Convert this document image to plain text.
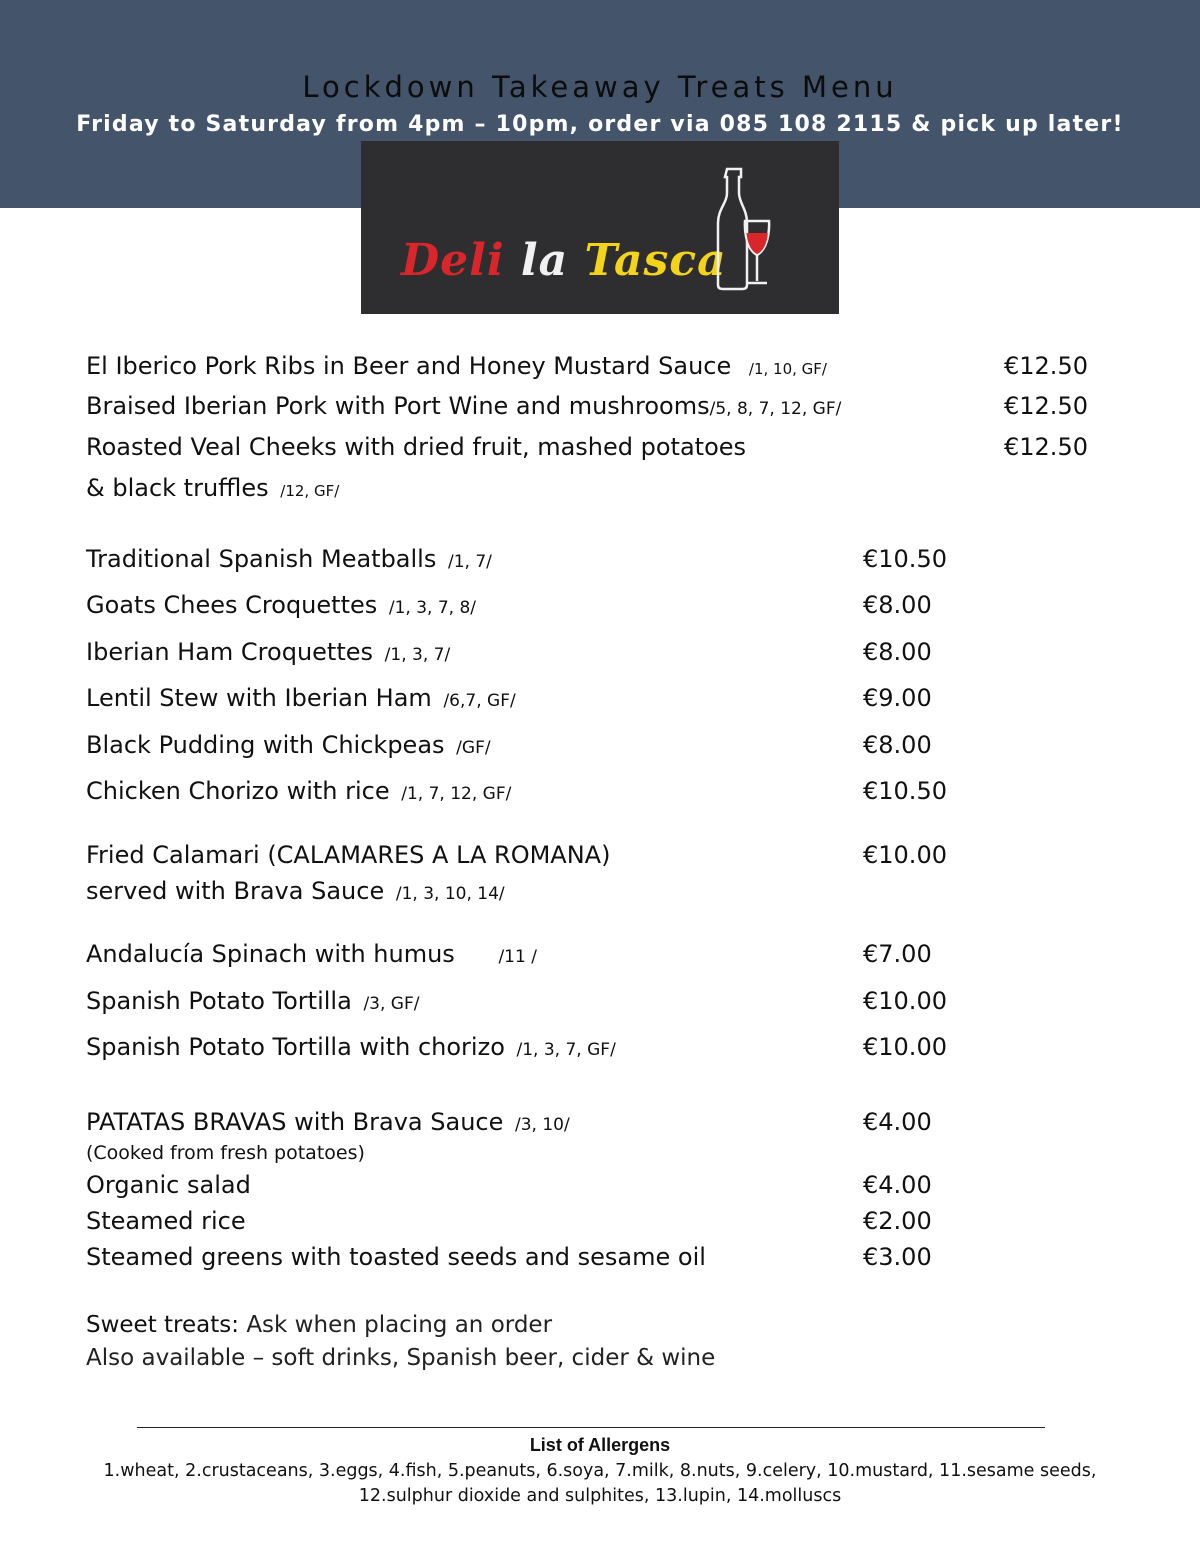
Lockdown Takeaway Treats Menu
Friday to Saturday from 4pm – 10pm, order via 085 108 2115 & pick up later!
Deli la Tasca
El Iberico Pork Ribs in Beer and Honey Mustard Sauce /1, 10, GF/	€12.50
Braised Iberian Pork with Port Wine and mushrooms/5, 8, 7, 12, GF/	€12.50
Roasted Veal Cheeks with dried fruit, mashed potatoes
& black truffles /12, GF/
€12.50
Traditional Spanish Meatballs /1, 7/	€10.50
Goats Chees Croquettes /1, 3, 7, 8/	€8.00
Iberian Ham Croquettes /1, 3, 7/	€8.00
Lentil Stew with Iberian Ham /6,7, GF/	€9.00
Black Pudding with Chickpeas /GF/	€8.00
Chicken Chorizo with rice /1, 7, 12, GF/	€10.50
Fried Calamari (CALAMARES A LA ROMANA)
served with Brava Sauce /1, 3, 10, 14/
€10.00
Andalucía Spinach with humus	/11 /	€7.00
Spanish Potato Tortilla /3, GF/	€10.00
Spanish Potato Tortilla with chorizo /1, 3, 7, GF/	€10.00
PATATAS BRAVAS with Brava Sauce /3, 10/	€4.00
(Cooked from fresh potatoes)
Organic salad	€4.00
Steamed rice	€2.00
Steamed greens with toasted seeds and sesame oil	€3.00
Sweet treats: Ask when placing an order
Also available – soft drinks, Spanish beer, cider & wine
List of Allergens
1.wheat, 2.crustaceans, 3.eggs, 4.fish, 5.peanuts, 6.soya, 7.milk, 8.nuts, 9.celery, 10.mustard, 11.sesame seeds,
12.sulphur dioxide and sulphites, 13.lupin, 14.molluscs
